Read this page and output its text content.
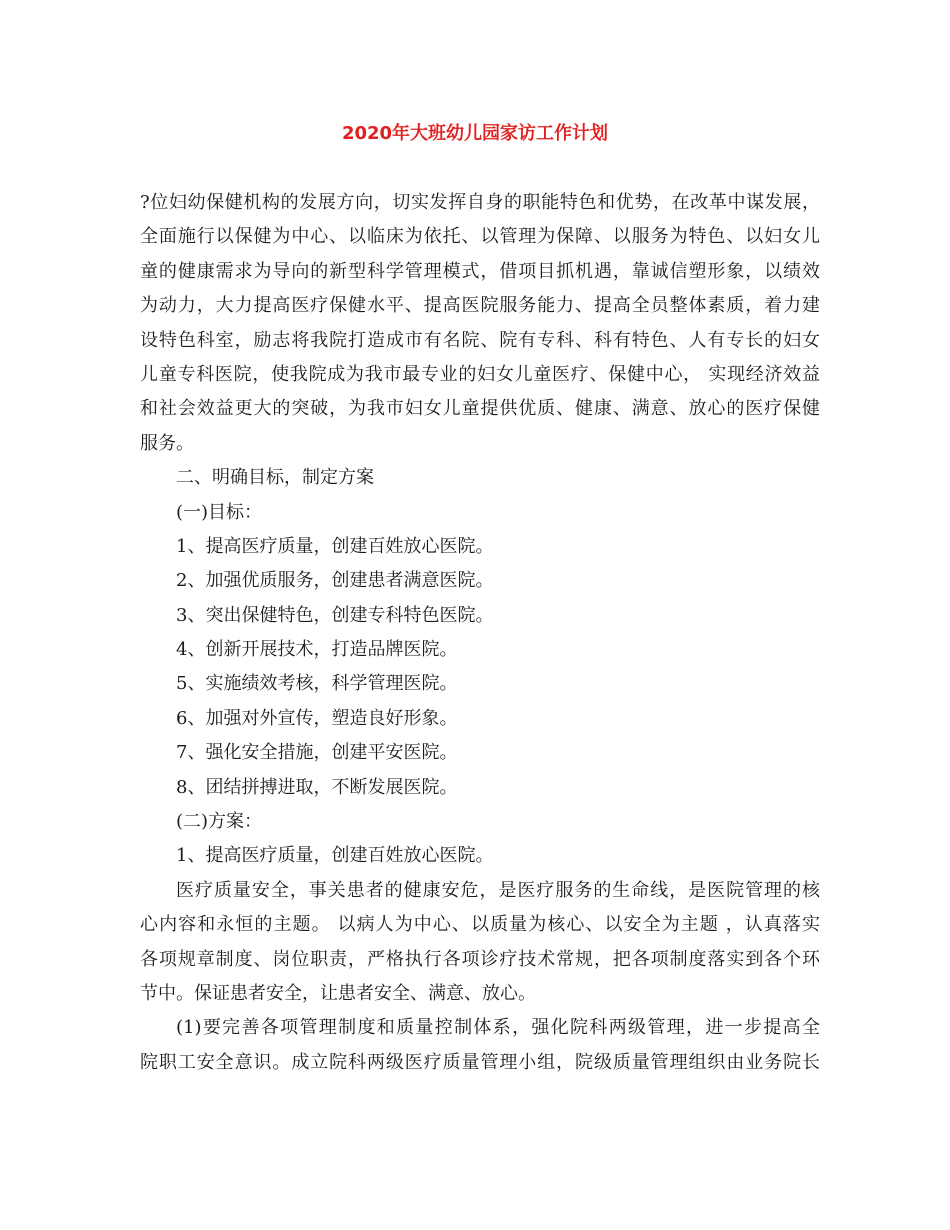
2020年大班幼儿园家访工作计划
?位妇幼保健机构的发展方向，切实发挥自身的职能特色和优势，在改革中谋发展，
全面施行以保健为中心、以临床为依托、以管理为保障、以服务为特色、以妇女儿
童的健康需求为导向的新型科学管理模式，借项目抓机遇，靠诚信塑形象，以绩效
为动力，大力提高医疗保健水平、提高医院服务能力、提高全员整体素质，着力建
设特色科室，励志将我院打造成市有名院、院有专科、科有特色、人有专长的妇女
儿童专科医院，使我院成为我市最专业的妇女儿童医疗、保健中心， 实现经济效益
和社会效益更大的突破，为我市妇女儿童提供优质、健康、满意、放心的医疗保健
服务。
二、明确目标，制定方案
(一)目标：
1、提高医疗质量，创建百姓放心医院。
2、加强优质服务，创建患者满意医院。
3、突出保健特色，创建专科特色医院。
4、创新开展技术，打造品牌医院。
5、实施绩效考核，科学管理医院。
6、加强对外宣传，塑造良好形象。
7、强化安全措施，创建平安医院。
8、团结拼搏进取，不断发展医院。
(二)方案：
1、提高医疗质量，创建百姓放心医院。
医疗质量安全，事关患者的健康安危，是医疗服务的生命线，是医院管理的核
心内容和永恒的主题。 以病人为中心、以质量为核心、以安全为主题 ，认真落实
各项规章制度、岗位职责，严格执行各项诊疗技术常规，把各项制度落实到各个环
节中。保证患者安全，让患者安全、满意、放心。
(1)要完善各项管理制度和质量控制体系，强化院科两级管理，进一步提高全
院职工安全意识。成立院科两级医疗质量管理小组，院级质量管理组织由业务院长
